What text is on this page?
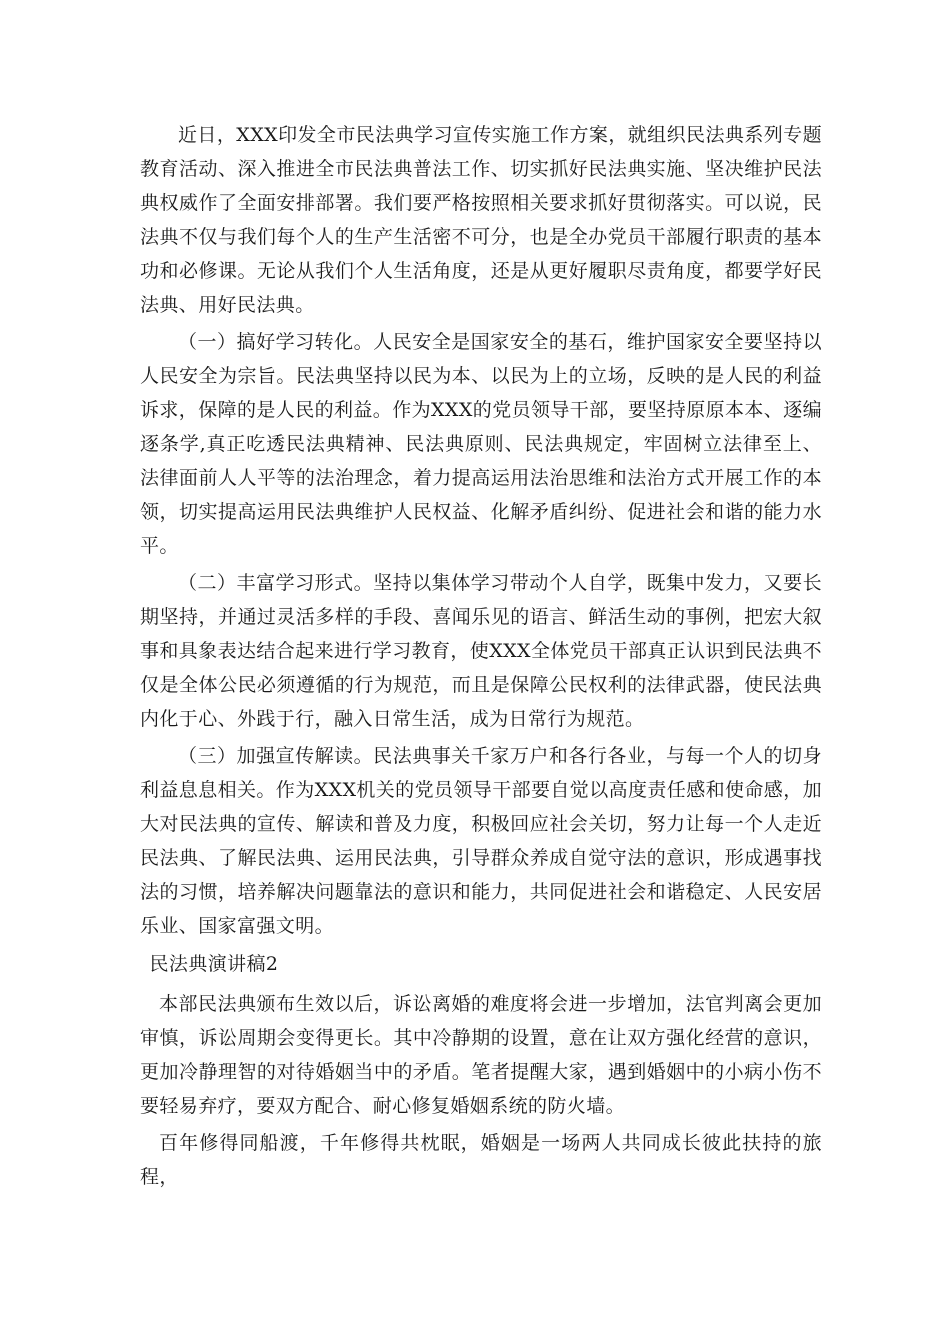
近日，XXX印发全市民法典学习宣传实施工作方案，就组织民法典系列专题教育活动、深入推进全市民法典普法工作、切实抓好民法典实施、坚决维护民法典权威作了全面安排部署。我们要严格按照相关要求抓好贯彻落实。可以说，民法典不仅与我们每个人的生产生活密不可分，也是全办党员干部履行职责的基本功和必修课。无论从我们个人生活角度，还是从更好履职尽责角度，都要学好民法典、用好民法典。

（一）搞好学习转化。人民安全是国家安全的基石，维护国家安全要坚持以人民安全为宗旨。民法典坚持以民为本、以民为上的立场，反映的是人民的利益诉求，保障的是人民的利益。作为XXX的党员领导干部，要坚持原原本本、逐编逐条学,真正吃透民法典精神、民法典原则、民法典规定，牢固树立法律至上、法律面前人人平等的法治理念，着力提高运用法治思维和法治方式开展工作的本领，切实提高运用民法典维护人民权益、化解矛盾纠纷、促进社会和谐的能力水平。

（二）丰富学习形式。坚持以集体学习带动个人自学，既集中发力，又要长期坚持，并通过灵活多样的手段、喜闻乐见的语言、鲜活生动的事例，把宏大叙事和具象表达结合起来进行学习教育，使XXX全体党员干部真正认识到民法典不仅是全体公民必须遵循的行为规范，而且是保障公民权利的法律武器，使民法典内化于心、外践于行，融入日常生活，成为日常行为规范。

（三）加强宣传解读。民法典事关千家万户和各行各业，与每一个人的切身利益息息相关。作为XXX机关的党员领导干部要自觉以高度责任感和使命感，加大对民法典的宣传、解读和普及力度，积极回应社会关切，努力让每一个人走近民法典、了解民法典、运用民法典，引导群众养成自觉守法的意识，形成遇事找法的习惯，培养解决问题靠法的意识和能力，共同促进社会和谐稳定、人民安居乐业、国家富强文明。

民法典演讲稿2

本部民法典颁布生效以后，诉讼离婚的难度将会进一步增加，法官判离会更加审慎，诉讼周期会变得更长。其中冷静期的设置，意在让双方强化经营的意识，更加冷静理智的对待婚姻当中的矛盾。笔者提醒大家，遇到婚姻中的小病小伤不要轻易弃疗，要双方配合、耐心修复婚姻系统的防火墙。

百年修得同船渡，千年修得共枕眠，婚姻是一场两人共同成长彼此扶持的旅程，
